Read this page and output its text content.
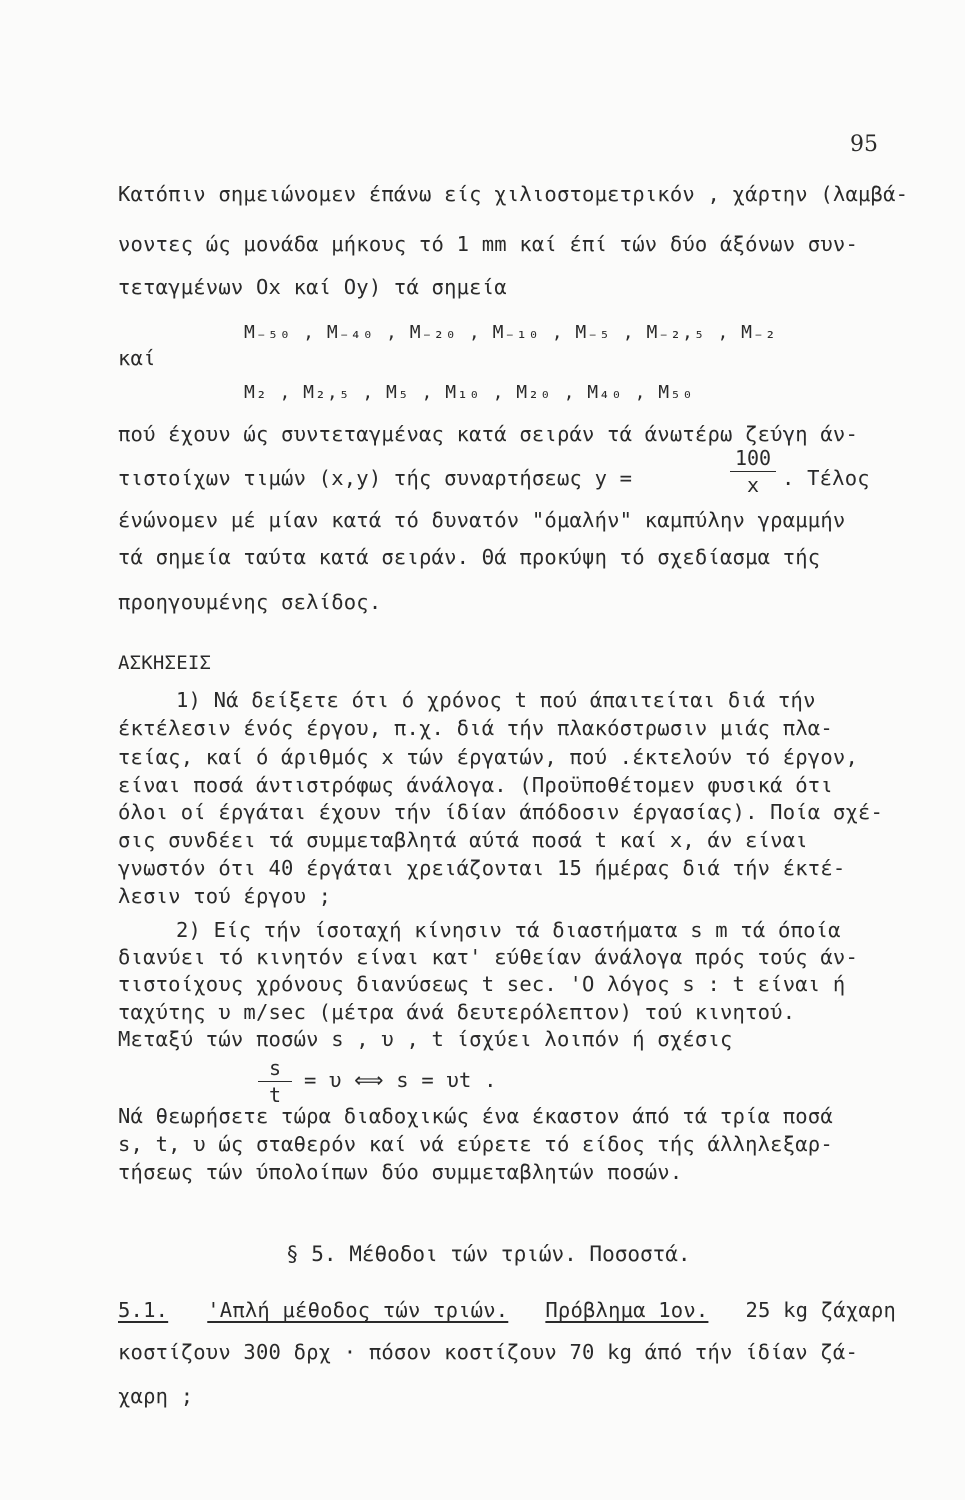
95
Κατόπιν σημειώνομεν έπάνω είς χιλιοστομετρικόν , χάρτην (λαμβά-
νοντες ώς μονάδα μήκους τό 1 mm καί έπί τών δύο άξόνων συν-
τεταγμένων Ox καί Oy) τά σημεία
M₋₅₀ , M₋₄₀ , M₋₂₀ , M₋₁₀ , M₋₅ , M₋₂,₅ , M₋₂
καί
M₂ , M₂,₅ , M₅ , M₁₀ , M₂₀ , M₄₀ , M₅₀
πού έχουν ώς συντεταγμένας κατά σειράν τά άνωτέρω ζεύγη άν-
τιστοίχων τιμών (x,y) τής συναρτήσεως y =	$\frac{100}{x}$ . Τέλος
ένώνομεν μέ μίαν κατά τό δυνατόν "όμαλήν" καμπύλην γραμμήν
τά σημεία ταύτα κατά σειράν. Θά προκύψη τό σχεδίασμα τής
προηγουμένης σελίδος.
ΑΣΚΗΣΕΙΣ
1) Νά δείξετε ότι ό χρόνος t πού άπαιτείται διά τήν
έκτέλεσιν ένός έργου, π.χ. διά τήν πλακόστρωσιν μιάς πλα-
τείας, καί ό άριθμός x τών έργατών, πού .έκτελούν τό έργον,
είναι ποσά άντιστρόφως άνάλογα. (Προϋποθέτομεν φυσικά ότι
όλοι οί έργάται έχουν τήν ίδίαν άπόδοσιν έργασίας). Ποία σχέ-
σις συνδέει τά συμμεταβλητά αύτά ποσά t καί x, άν είναι
γνωστόν ότι 40 έργάται χρειάζονται 15 ήμέρας διά τήν έκτέ-
λεσιν τού έργου ;
2) Είς τήν ίσοταχή κίνησιν τά διαστήματα s m τά όποία
διανύει τό κινητόν είναι κατ' εύθείαν άνάλογα πρός τούς άν-
τιστοίχους χρόνους διανύσεως t sec. 'Ο λόγος s : t είναι ή
ταχύτης υ m/sec (μέτρα άνά δευτερόλεπτον) τού κινητού.
Μεταξύ τών ποσών s , υ , t ίσχύει λοιπόν ή σχέσις
$\frac{s}{t} = \upsilon$ ⟺ s = υt .
Νά θεωρήσετε τώρα διαδοχικώς ένα έκαστον άπό τά τρία ποσά
s, t, υ ώς σταθερόν καί νά εύρετε τό είδος τής άλληλεξαρ-
τήσεως τών ύπολοίπων δύο συμμεταβλητών ποσών.
§ 5. Μέθοδοι τών τριών. Ποσοστά.
5.1. 'Απλή μέθοδος τών τριών. Πρόβλημα 1ον. 25 kg ζάχαρη
κοστίζουν 300 δρχ · πόσον κοστίζουν 70 kg άπό τήν ίδίαν ζά-
χαρη ;
